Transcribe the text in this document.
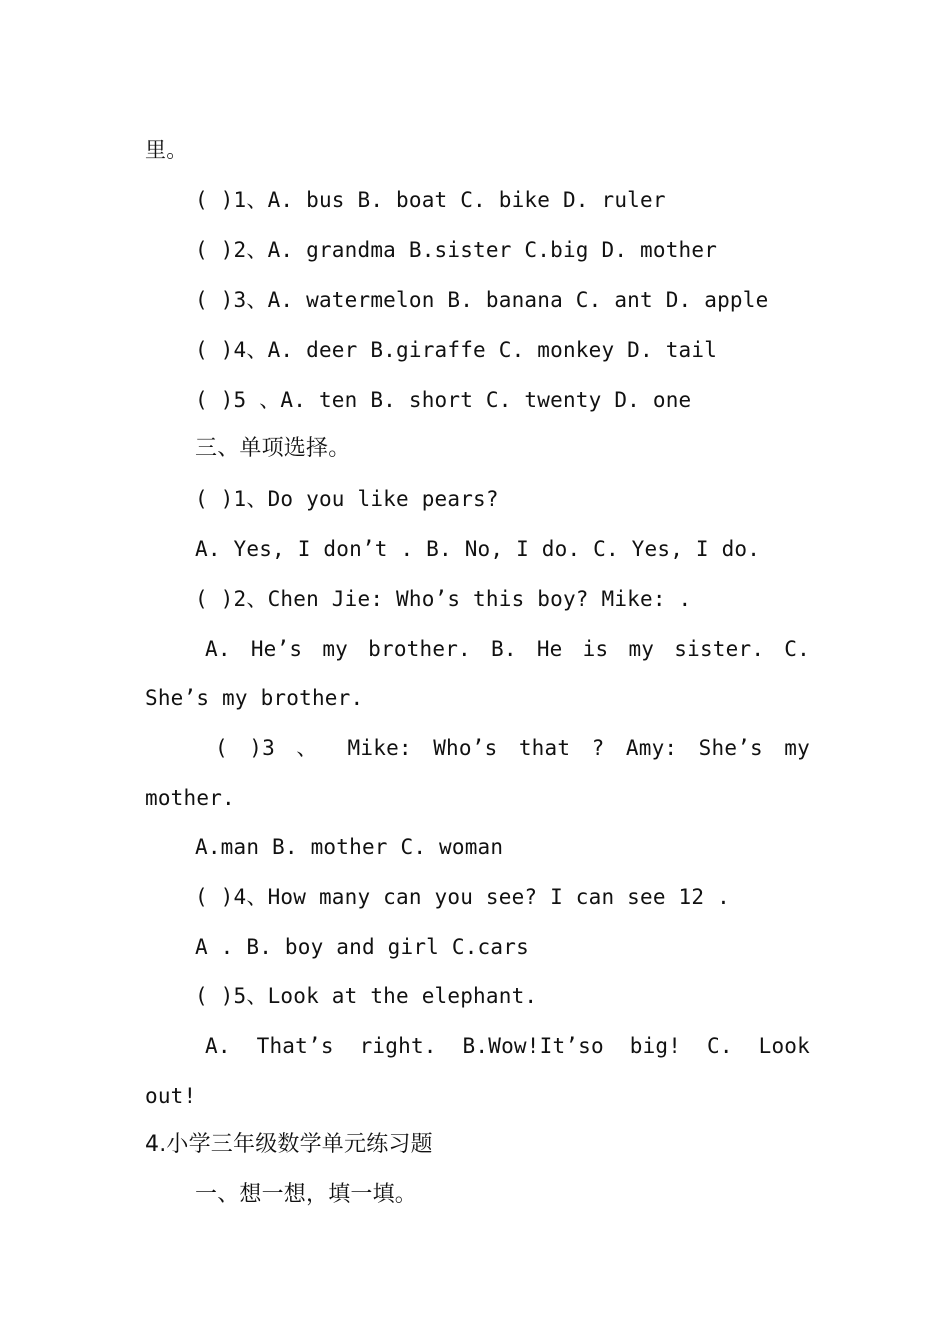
里。
( )1、A. bus B. boat C. bike D. ruler
( )2、A. grandma B.sister C.big D. mother
( )3、A. watermelon B. banana C. ant D. apple
( )4、A. deer B.giraffe C. monkey D. tail
( )5 、A. ten B. short C. twenty D. one
三、单项选择。
( )1、Do you like pears?
A. Yes, I don’t . B. No, I do. C. Yes, I do.
( )2、Chen Jie: Who’s this boy? Mike: .
A. He’s my brother. B. He is my sister. C.
She’s my brother.
( )3 、 Mike: Who’s that ? Amy: She’s my
mother.
A.man B. mother C. woman
( )4、How many can you see? I can see 12 .
A . B. boy and girl C.cars
( )5、Look at the elephant.
A. That’s right. B.Wow!It’so big! C. Look
out!
4.小学三年级数学单元练习题
一、想一想，填一填。
